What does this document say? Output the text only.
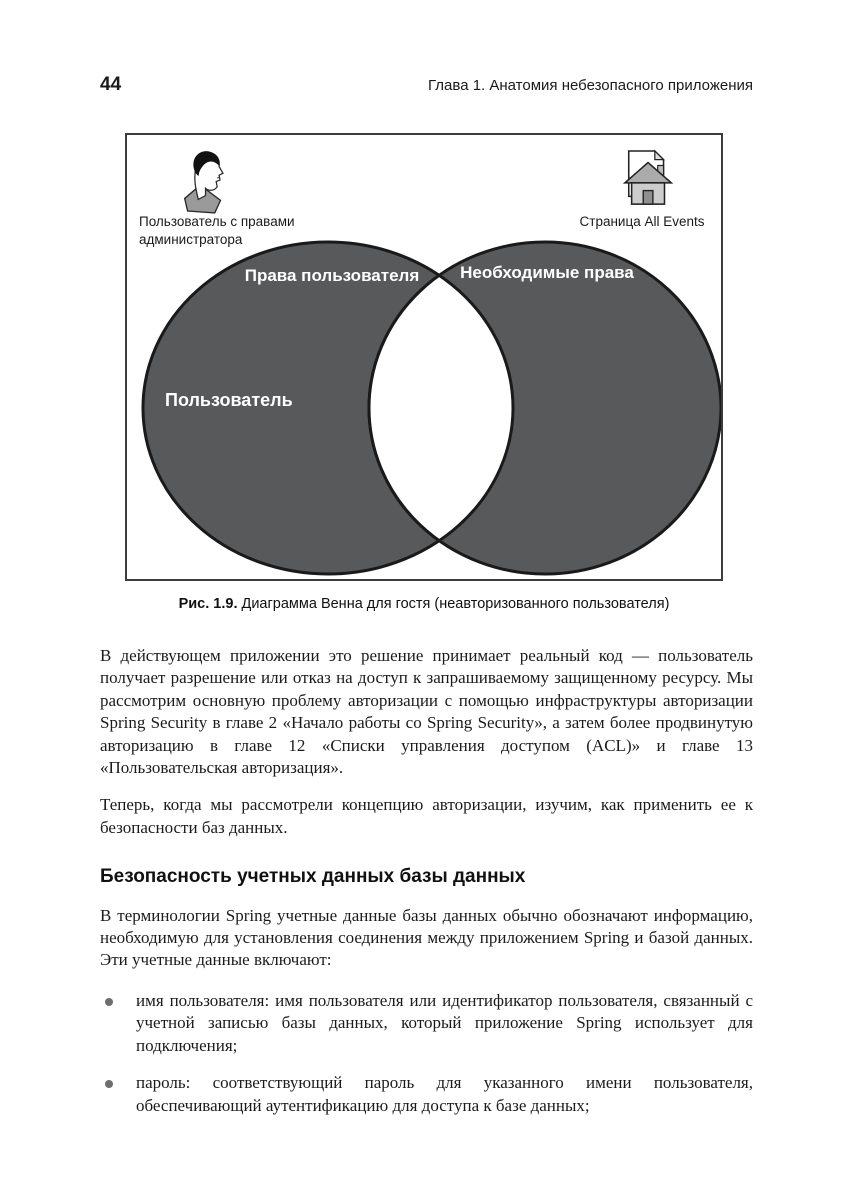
44	Глава 1. Анатомия небезопасного приложения
Пользователь с правами администратора
Страница All Events
Права пользователя Необходимые права
Пользователь
Рис. 1.9. Диаграмма Венна для гостя (неавторизованного пользователя)

В действующем приложении это решение принимает реальный код — пользователь получает разрешение или отказ на доступ к запрашиваемому защищенному ресурсу. Мы рассмотрим основную проблему авторизации с помощью инфраструктуры авторизации Spring Security в главе 2 «Начало работы со Spring Security», а затем более продвинутую авторизацию в главе 12 «Списки управления доступом (ACL)» и главе 13 «Пользовательская авторизация».

Теперь, когда мы рассмотрели концепцию авторизации, изучим, как применить ее к безопасности баз данных.

Безопасность учетных данных базы данных

В терминологии Spring учетные данные базы данных обычно обозначают информацию, необходимую для установления соединения между приложением Spring и базой данных. Эти учетные данные включают:

имя пользователя: имя пользователя или идентификатор пользователя, связанный с учетной записью базы данных, который приложение Spring использует для подключения;
пароль: соответствующий пароль для указанного имени пользователя, обеспечивающий аутентификацию для доступа к базе данных;
